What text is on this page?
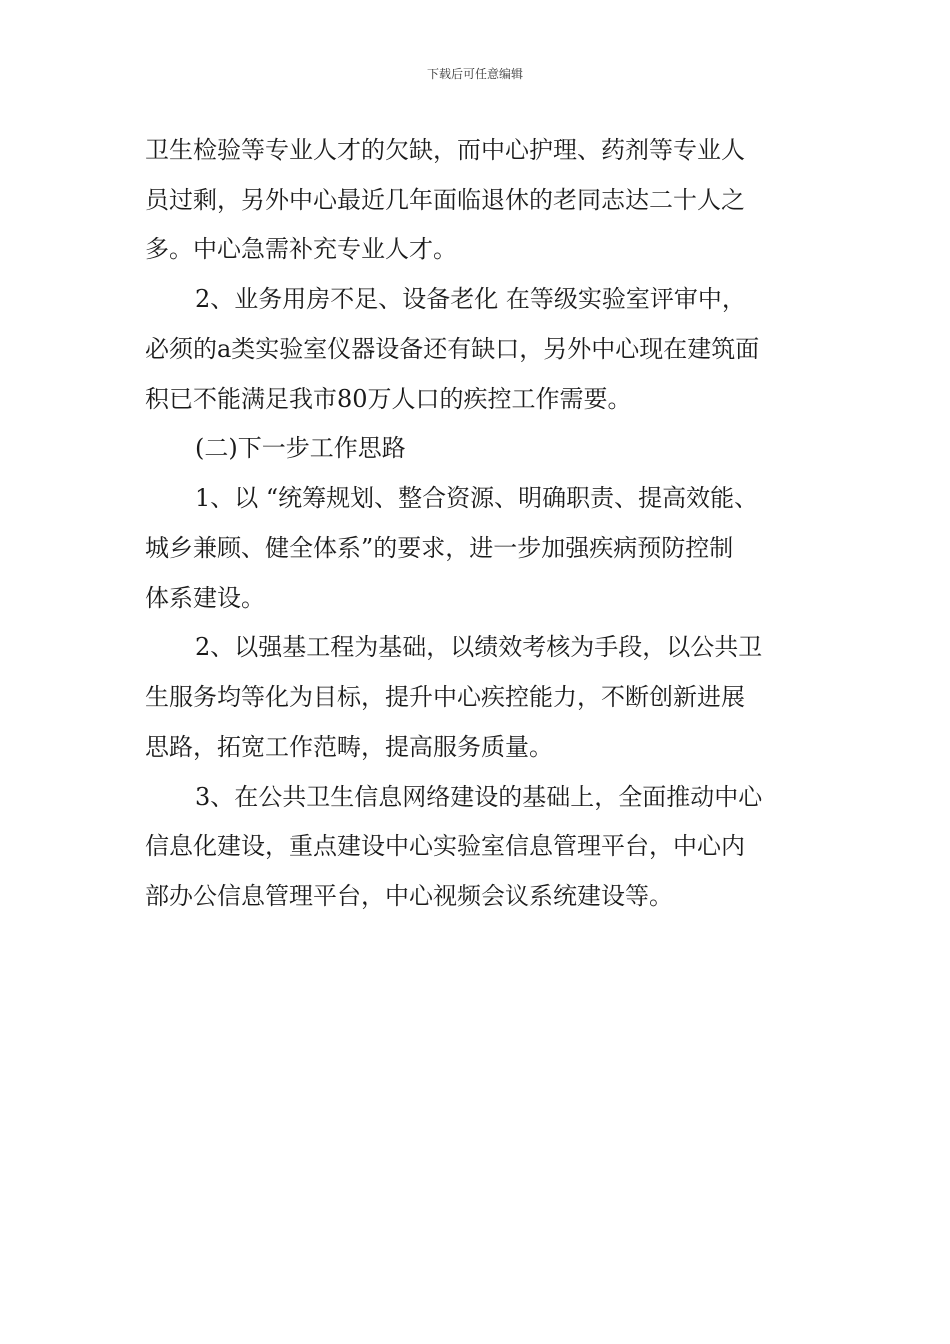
下载后可任意编辑
卫生检验等专业人才的欠缺，而中心护理、药剂等专业人
员过剩，另外中心最近几年面临退休的老同志达二十人之
多。中心急需补充专业人才。
2、业务用房不足、设备老化 在等级实验室评审中，
必须的a类实验室仪器设备还有缺口，另外中心现在建筑面
积已不能满足我市80万人口的疾控工作需要。
(二)下一步工作思路
1、以 “统筹规划、整合资源、明确职责、提高效能、
城乡兼顾、健全体系”的要求，进一步加强疾病预防控制
体系建设。
2、以强基工程为基础，以绩效考核为手段，以公共卫
生服务均等化为目标，提升中心疾控能力，不断创新进展
思路，拓宽工作范畴，提高服务质量。
3、在公共卫生信息网络建设的基础上，全面推动中心
信息化建设，重点建设中心实验室信息管理平台，中心内
部办公信息管理平台，中心视频会议系统建设等。
